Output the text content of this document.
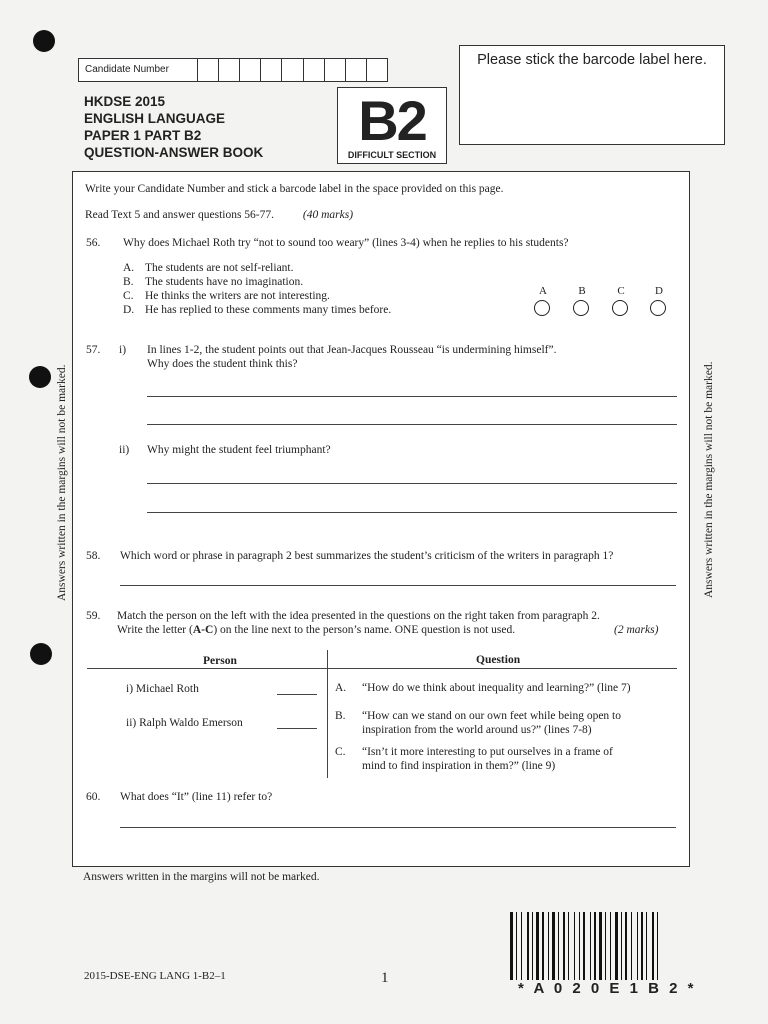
Candidate Number
Please stick the barcode label here.
HKDSE 2015
ENGLISH LANGUAGE
PAPER 1 PART B2
QUESTION-ANSWER BOOK
B2
DIFFICULT SECTION
Answers written in the margins will not be marked.	Answers written in the margins will not be marked.
Write your Candidate Number and stick a barcode label in the space provided on this page.
Read Text 5 and answer questions 56-77.	(40 marks)
56. Why does Michael Roth try “not to sound too weary” (lines 3-4) when he replies to his students?
A. The students are not self-reliant.
B. The students have no imagination.
C. He thinks the writers are not interesting.
D. He has replied to these comments many times before.
A	B	C	D
57. i) In lines 1-2, the student points out that Jean-Jacques Rousseau “is undermining himself”.
Why does the student think this?
ii) Why might the student feel triumphant?
58. Which word or phrase in paragraph 2 best summarizes the student’s criticism of the writers in paragraph 1?
59. Match the person on the left with the idea presented in the questions on the right taken from paragraph 2.
Write the letter (A-C) on the line next to the person’s name. ONE question is not used.	(2 marks)
Person	Question
i) Michael Roth
ii) Ralph Waldo Emerson
A. “How do we think about inequality and learning?” (line 7)
B. “How can we stand on our own feet while being open to
inspiration from the world around us?” (lines 7-8)
C. “Isn’t it more interesting to put ourselves in a frame of
mind to find inspiration in them?” (line 9)
60. What does “It” (line 11) refer to?
Answers written in the margins will not be marked.
2015-DSE-ENG LANG 1-B2–1	1
* A 0 2 0 E 1 B 2 *
